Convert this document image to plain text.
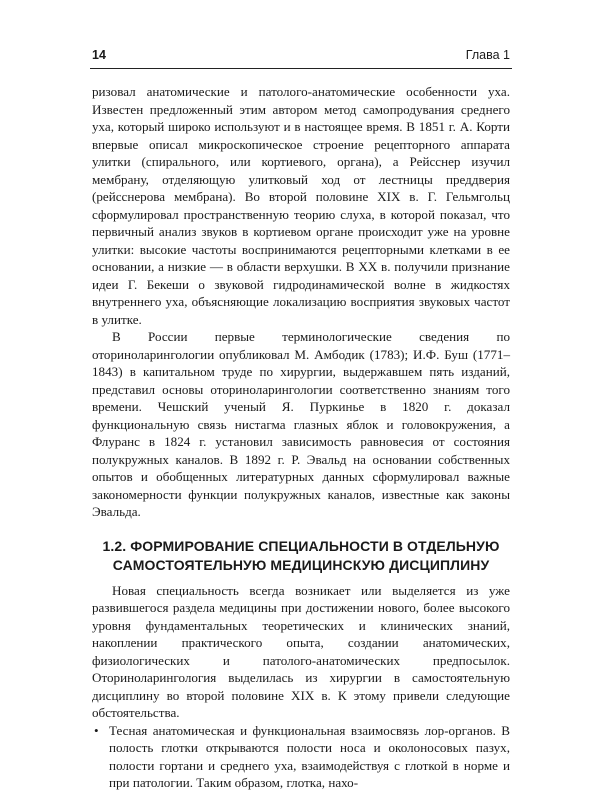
14	Глава 1

ризовал анатомические и патолого-анатомические особенности уха. Известен предложенный этим автором метод самопродувания среднего уха, который широко используют и в настоящее время. В 1851 г. А. Корти впервые описал микроскопическое строение рецепторного аппарата улитки (спирального, или кортиевого, органа), а Рейсснер изучил мембрану, отделяющую улитковый ход от лестницы преддверия (рейсснерова мембрана). Во второй половине XIX в. Г. Гельмгольц сформулировал пространственную теорию слуха, в которой показал, что первичный анализ звуков в кортиевом органе происходит уже на уровне улитки: высокие частоты воспринимаются рецепторными клетками в ее основании, а низкие — в области верхушки. В XX в. получили признание идеи Г. Бекеши о звуковой гидродинамической волне в жидкостях внутреннего уха, объясняющие локализацию восприятия звуковых частот в улитке.

В России первые терминологические сведения по оториноларингологии опубликовал М. Амбодик (1783); И.Ф. Буш (1771–1843) в капитальном труде по хирургии, выдержавшем пять изданий, представил основы оториноларингологии соответственно знаниям того времени. Чешский ученый Я. Пуркинье в 1820 г. доказал функциональную связь нистагма глазных яблок и головокружения, а Флуранс в 1824 г. установил зависимость равновесия от состояния полукружных каналов. В 1892 г. Р. Эвальд на основании собственных опытов и обобщенных литературных данных сформулировал важные закономерности функции полукружных каналов, известные как законы Эвальда.

1.2. ФОРМИРОВАНИЕ СПЕЦИАЛЬНОСТИ В ОТДЕЛЬНУЮ
САМОСТОЯТЕЛЬНУЮ МЕДИЦИНСКУЮ ДИСЦИПЛИНУ

Новая специальность всегда возникает или выделяется из уже развившегося раздела медицины при достижении нового, более высокого уровня фундаментальных теоретических и клинических знаний, накоплении практического опыта, создании анатомических, физиологических и патолого-анатомических предпосылок. Оториноларингология выделилась из хирургии в самостоятельную дисциплину во второй половине XIX в. К этому привели следующие обстоятельства.

• Тесная анатомическая и функциональная взаимосвязь лор-органов. В полость глотки открываются полости носа и околоносовых пазух, полости гортани и среднего уха, взаимодействуя с глоткой в норме и при патологии. Таким образом, глотка, нахо-
